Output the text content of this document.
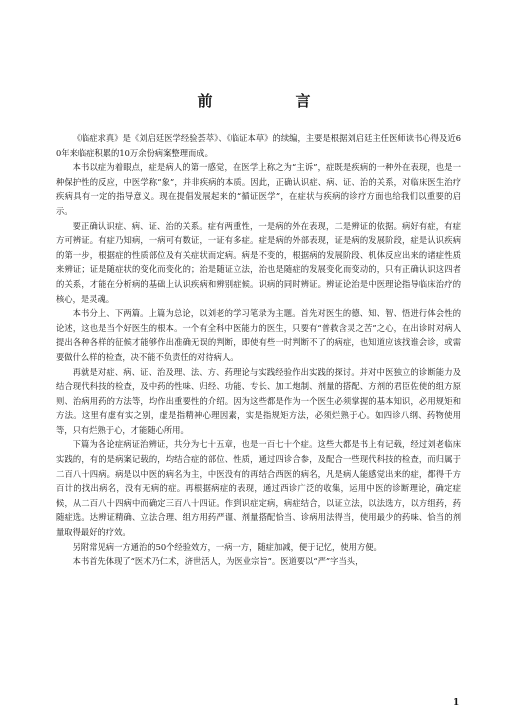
前　言

《临症求真》是《刘启廷医学经验荟萃》、《临证本草》的续编，主要是根据刘启廷主任医师读书心得及近60年来临症积累的10万余份病案整理而成。

本书以症为着眼点，症是病人的第一感觉，在医学上称之为“主诉”，症既是疾病的一种外在表现，也是一种保护性的反应，中医学称“象”，并非疾病的本质。因此，正确认识症、病、证、治的关系，对临床医生治疗疾病具有一定的指导意义。现在提倡发展起来的“循证医学”，在症状与疾病的诊疗方面也给我们以重要的启示。

要正确认识症、病、证、治的关系。症有两重性，一是病的外在表现，二是辨证的依据。病好有症，有症方可辨证。有症乃知病，一病可有数证，一证有多症。症是病的外部表现，证是病的发展阶段，症是认识疾病的第一步，根据症的性质部位及有关症状而定病。病是不变的，根据病的发展阶段、机体反应出来的诸症性质来辨证；证是随症状的变化而变化的；治是随证立法，治也是随症的发展变化而变动的，只有正确认识这四者的关系，才能在分析病的基础上认识疾病和辨别症候。识病的同时辨证。辨证论治是中医理论指导临床治疗的核心，是灵魂。

本书分上、下两篇。上篇为总论，以刘老的学习笔录为主题。首先对医生的德、知、智、悟进行体会性的论述，这也是当个好医生的根本。一个有全科中医能力的医生，只要有“普救含灵之苦”之心，在出诊时对病人提出各种各样的征候才能够作出准确无误的判断，即使有些一时判断不了的病症，也知道应该找谁会诊，或需要做什么样的检查，决不能不负责任的对待病人。

再就是对症、病、证、治及理、法、方、药理论与实践经验作出实践的探讨。并对中医独立的诊断能力及结合现代科技的检查，及中药的性味、归经、功能、专长、加工炮制、剂量的搭配、方剂的君臣佐使的组方原则、治病用药的方法等，均作出重要性的介绍。因为这些都是作为一个医生必须掌握的基本知识，必用规矩和方法。这里有虚有实之别，虚是指精神心理因素，实是指规矩方法，必须烂熟于心。如四诊八纲、药物使用等，只有烂熟于心，才能随心所用。

下篇为各论症病证治辨证，共分为七十五章，也是一百七十个症。这些大都是书上有记载，经过刘老临床实践的，有的是病案记载的，均结合症的部位、性质，通过四诊合参，及配合一些现代科技的检查，而归属于二百八十四病。病是以中医的病名为主，中医没有的再结合西医的病名，凡是病人能感觉出来的症，都得千方百计的找出病名，没有无病的症。再根据病症的表现，通过西诊广泛的收集，运用中医的诊断理论，确定症候，从二百八十四病中而确定三百八十四证。作到识症定病，病症结合，以证立法，以法选方，以方组药，药随症选。达辨证精确、立法合理、组方用药严谨、剂量搭配恰当、诊病用法得当，使用最少的药味、恰当的剂量取得最好的疗效。

另附常见病一方通治的50个经验效方，一病一方，随症加减，便于记忆，使用方便。

本书首先体现了“医术乃仁术，济世活人，为医业宗旨”。医道要以“严”字当头，

1
